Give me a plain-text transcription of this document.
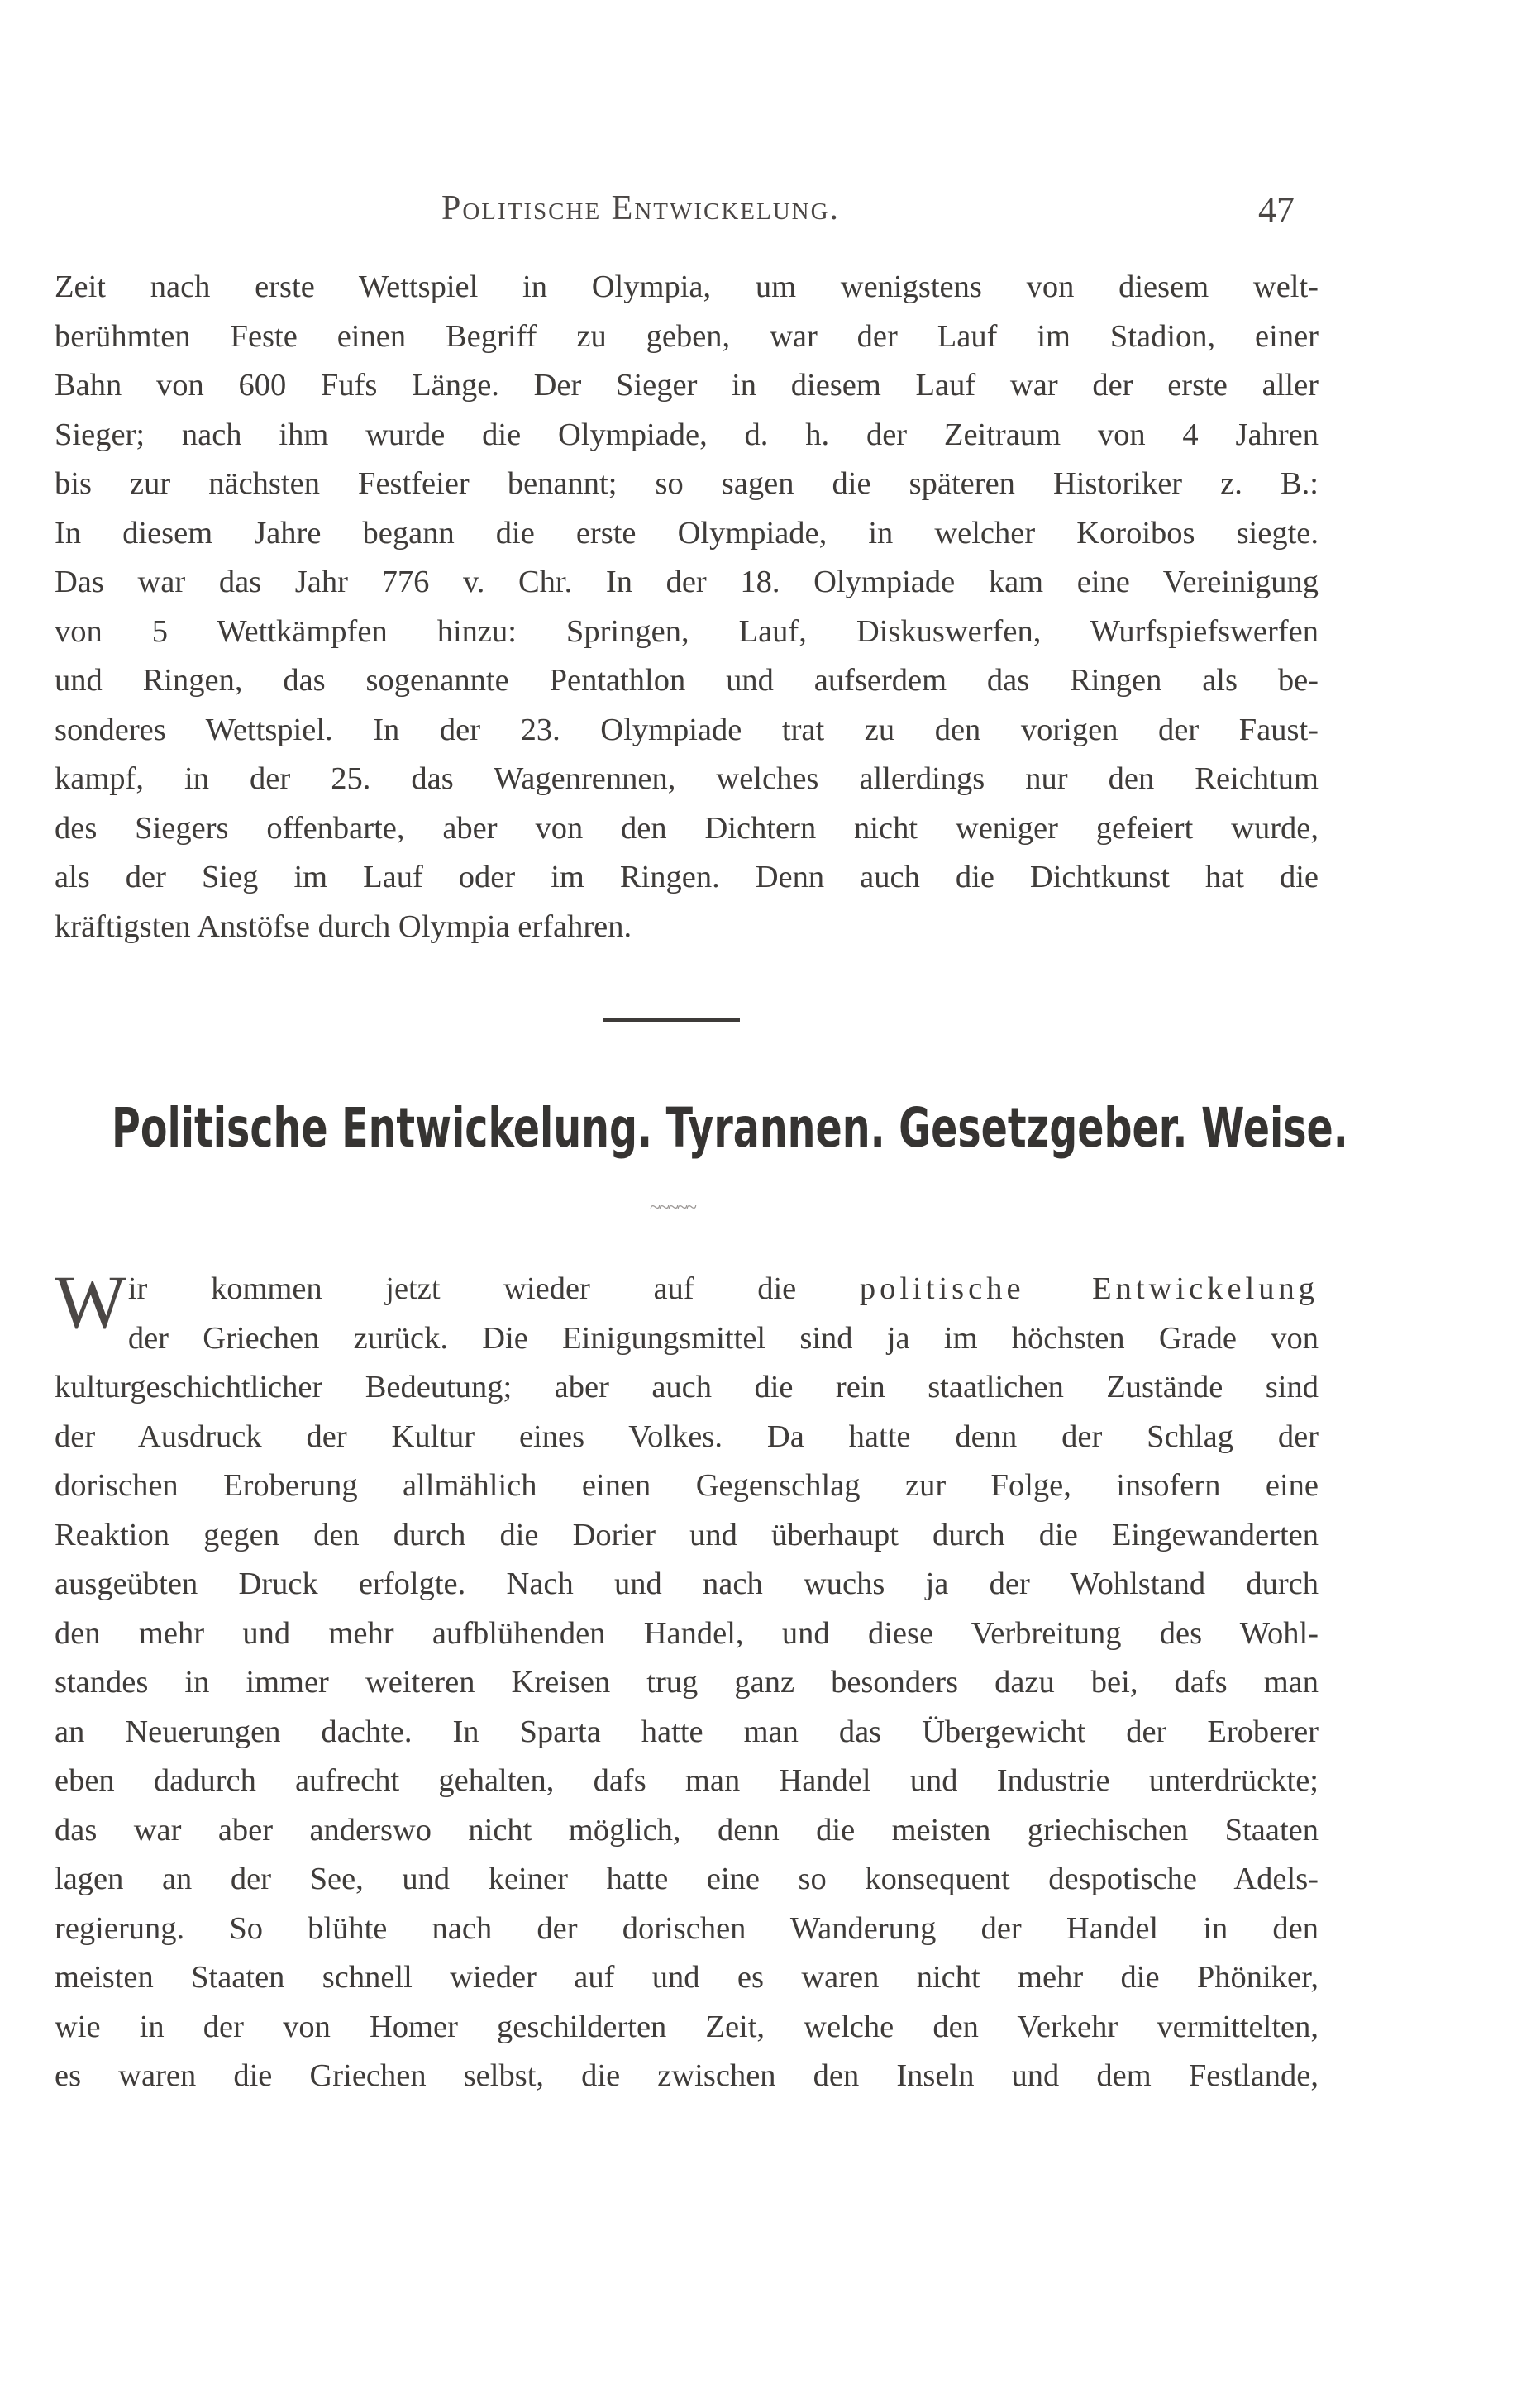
Politische Entwickelung.	47
Zeit nach erste Wettspiel in Olympia, um wenigstens von diesem welt-
berühmten Feste einen Begriff zu geben, war der Lauf im Stadion, einer
Bahn von 600 Fufs Länge. Der Sieger in diesem Lauf war der erste aller
Sieger; nach ihm wurde die Olympiade, d. h. der Zeitraum von 4 Jahren
bis zur nächsten Festfeier benannt; so sagen die späteren Historiker z. B.:
In diesem Jahre begann die erste Olympiade, in welcher Koroibos siegte.
Das war das Jahr 776 v. Chr. In der 18. Olympiade kam eine Vereinigung
von 5 Wettkämpfen hinzu: Springen, Lauf, Diskuswerfen, Wurfspiefswerfen
und Ringen, das sogenannte Pentathlon und aufserdem das Ringen als be-
sonderes Wettspiel. In der 23. Olympiade trat zu den vorigen der Faust-
kampf, in der 25. das Wagenrennen, welches allerdings nur den Reichtum
des Siegers offenbarte, aber von den Dichtern nicht weniger gefeiert wurde,
als der Sieg im Lauf oder im Ringen. Denn auch die Dichtkunst hat die
kräftigsten Anstöfse durch Olympia erfahren.
Politische Entwickelung. Tyrannen. Gesetzgeber. Weise.
~~~~~
W ir kommen jetzt wieder auf die politische Entwickelung
der Griechen zurück. Die Einigungsmittel sind ja im höchsten Grade von
kulturgeschichtlicher Bedeutung; aber auch die rein staatlichen Zustände sind
der Ausdruck der Kultur eines Volkes. Da hatte denn der Schlag der
dorischen Eroberung allmählich einen Gegenschlag zur Folge, insofern eine
Reaktion gegen den durch die Dorier und überhaupt durch die Eingewanderten
ausgeübten Druck erfolgte. Nach und nach wuchs ja der Wohlstand durch
den mehr und mehr aufblühenden Handel, und diese Verbreitung des Wohl-
standes in immer weiteren Kreisen trug ganz besonders dazu bei, dafs man
an Neuerungen dachte. In Sparta hatte man das Übergewicht der Eroberer
eben dadurch aufrecht gehalten, dafs man Handel und Industrie unterdrückte;
das war aber anderswo nicht möglich, denn die meisten griechischen Staaten
lagen an der See, und keiner hatte eine so konsequent despotische Adels-
regierung. So blühte nach der dorischen Wanderung der Handel in den
meisten Staaten schnell wieder auf und es waren nicht mehr die Phöniker,
wie in der von Homer geschilderten Zeit, welche den Verkehr vermittelten,
es waren die Griechen selbst, die zwischen den Inseln und dem Festlande,
